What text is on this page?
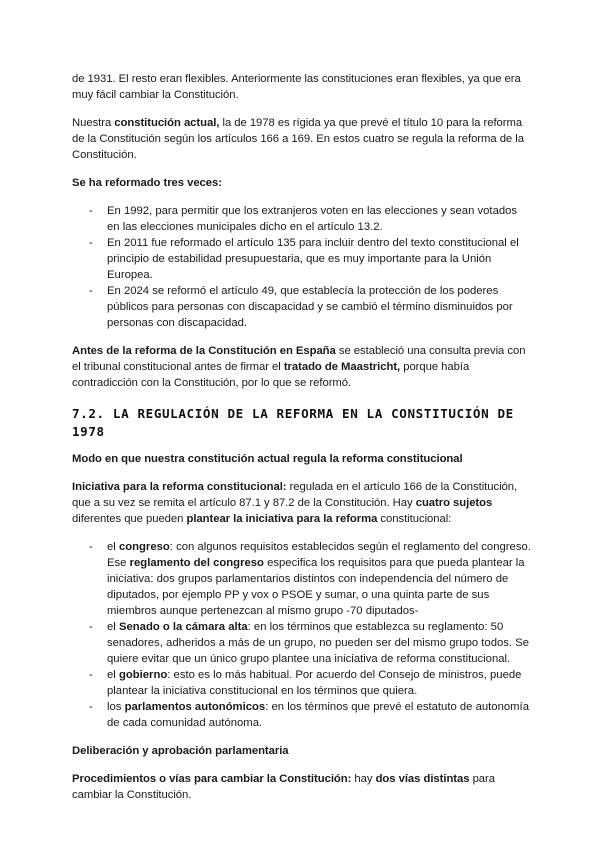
de 1931. El resto eran flexibles. Anteriormente las constituciones eran flexibles, ya que era muy fácil cambiar la Constitución.

Nuestra constitución actual, la de 1978 es rígida ya que prevé el título 10 para la reforma de la Constitución según los artículos 166 a 169. En estos cuatro se regula la reforma de la Constitución.

Se ha reformado tres veces:

- En 1992, para permitir que los extranjeros voten en las elecciones y sean votados en las elecciones municipales dicho en el artículo 13.2.
- En 2011 fue reformado el artículo 135 para incluir dentro del texto constitucional el principio de estabilidad presupuestaria, que es muy importante para la Unión Europea.
- En 2024 se reformó el artículo 49, que establecía la protección de los poderes públicos para personas con discapacidad y se cambió el término disminuidos por personas con discapacidad.

Antes de la reforma de la Constitución en España se estableció una consulta previa con el tribunal constitucional antes de firmar el tratado de Maastricht, porque había contradicción con la Constitución, por lo que se reformó.

7.2. LA REGULACIÓN DE LA REFORMA EN LA CONSTITUCIÓN DE 1978

Modo en que nuestra constitución actual regula la reforma constitucional

Iniciativa para la reforma constitucional: regulada en el artículo 166 de la Constitución, que a su vez se remita el artículo 87.1 y 87.2 de la Constitución. Hay cuatro sujetos diferentes que pueden plantear la iniciativa para la reforma constitucional:

- el congreso: con algunos requisitos establecidos según el reglamento del congreso. Ese reglamento del congreso especifica los requisitos para que pueda plantear la iniciativa: dos grupos parlamentarios distintos con independencia del número de diputados, por ejemplo PP y vox o PSOE y sumar, o una quinta parte de sus miembros aunque pertenezcan al mismo grupo -70 diputados-
- el Senado o la cámara alta: en los términos que establezca su reglamento: 50 senadores, adheridos a más de un grupo, no pueden ser del mismo grupo todos. Se quiere evitar que un único grupo plantee una iniciativa de reforma constitucional.
- el gobierno: esto es lo más habitual. Por acuerdo del Consejo de ministros, puede plantear la iniciativa constitucional en los términos que quiera.
- los parlamentos autonómicos: en los términos que prevé el estatuto de autonomía de cada comunidad autónoma.

Deliberación y aprobación parlamentaria

Procedimientos o vías para cambiar la Constitución: hay dos vías distintas para cambiar la Constitución.
